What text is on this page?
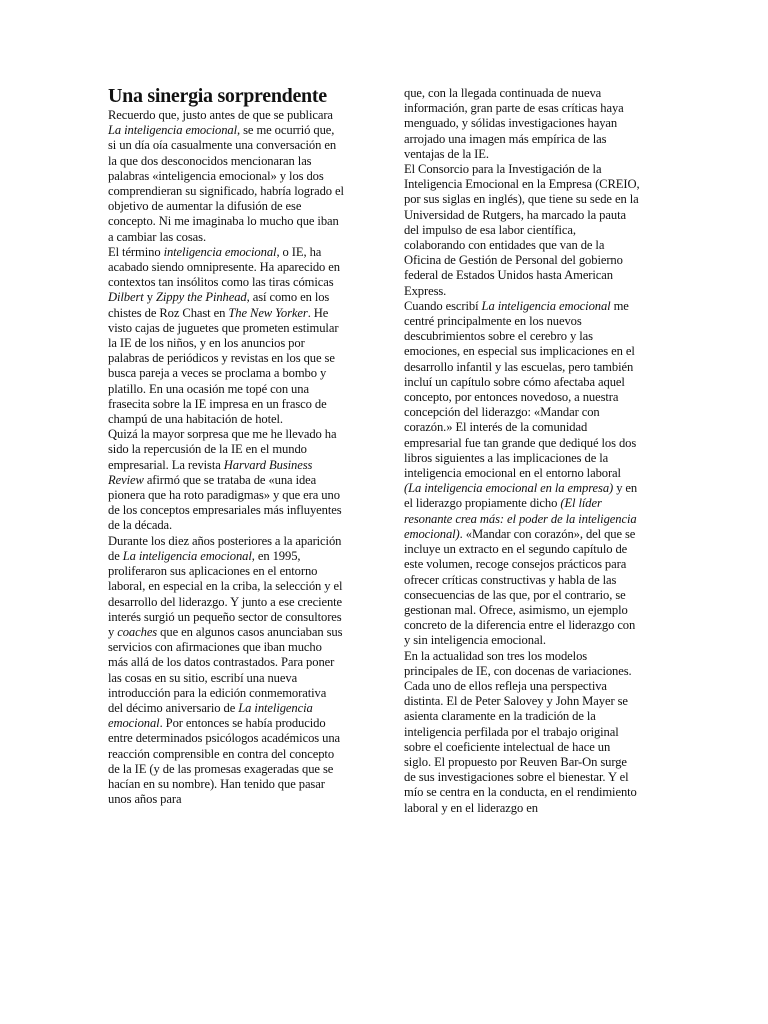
Una sinergia sorprendente

Recuerdo que, justo antes de que se publicara La inteligencia emocional, se me ocurrió que, si un día oía casualmente una conversación en la que dos desconocidos mencionaran las palabras «inteligencia emocional» y los dos comprendieran su significado, habría logrado el objetivo de aumentar la difusión de ese concepto. Ni me imaginaba lo mucho que iban a cambiar las cosas.

El término inteligencia emocional, o IE, ha acabado siendo omnipresente. Ha aparecido en contextos tan insólitos como las tiras cómicas Dilbert y Zippy the Pinhead, así como en los chistes de Roz Chast en The New Yorker. He visto cajas de juguetes que prometen estimular la IE de los niños, y en los anuncios por palabras de periódicos y revistas en los que se busca pareja a veces se proclama a bombo y platillo. En una ocasión me topé con una frasecita sobre la IE impresa en un frasco de champú de una habitación de hotel.

Quizá la mayor sorpresa que me he llevado ha sido la repercusión de la IE en el mundo empresarial. La revista Harvard Business Review afirmó que se trataba de «una idea pionera que ha roto paradigmas» y que era uno de los conceptos empresariales más influyentes de la década.

Durante los diez años posteriores a la aparición de La inteligencia emocional, en 1995, proliferaron sus aplicaciones en el entorno laboral, en especial en la criba, la selección y el desarrollo del liderazgo. Y junto a ese creciente interés surgió un pequeño sector de consultores y coaches que en algunos casos anunciaban sus servicios con afirmaciones que iban mucho más allá de los datos contrastados. Para poner las cosas en su sitio, escribí una nueva introducción para la edición conmemorativa del décimo aniversario de La inteligencia emocional. Por entonces se había producido entre determinados psicólogos académicos una reacción comprensible en contra del concepto de la IE (y de las promesas exageradas que se hacían en su nombre). Han tenido que pasar unos años para

que, con la llegada continuada de nueva información, gran parte de esas críticas haya menguado, y sólidas investigaciones hayan arrojado una imagen más empírica de las ventajas de la IE.

El Consorcio para la Investigación de la Inteligencia Emocional en la Empresa (CREIO, por sus siglas en inglés), que tiene su sede en la Universidad de Rutgers, ha marcado la pauta del impulso de esa labor científica, colaborando con entidades que van de la Oficina de Gestión de Personal del gobierno federal de Estados Unidos hasta American Express.

Cuando escribí La inteligencia emocional me centré principalmente en los nuevos descubrimientos sobre el cerebro y las emociones, en especial sus implicaciones en el desarrollo infantil y las escuelas, pero también incluí un capítulo sobre cómo afectaba aquel concepto, por entonces novedoso, a nuestra concepción del liderazgo: «Mandar con corazón.» El interés de la comunidad empresarial fue tan grande que dediqué los dos libros siguientes a las implicaciones de la inteligencia emocional en el entorno laboral (La inteligencia emocional en la empresa) y en el liderazgo propiamente dicho (El líder resonante crea más: el poder de la inteligencia emocional). «Mandar con corazón», del que se incluye un extracto en el segundo capítulo de este volumen, recoge consejos prácticos para ofrecer críticas constructivas y habla de las consecuencias de las que, por el contrario, se gestionan mal. Ofrece, asimismo, un ejemplo concreto de la diferencia entre el liderazgo con y sin inteligencia emocional.

En la actualidad son tres los modelos principales de IE, con docenas de variaciones. Cada uno de ellos refleja una perspectiva distinta. El de Peter Salovey y John Mayer se asienta claramente en la tradición de la inteligencia perfilada por el trabajo original sobre el coeficiente intelectual de hace un siglo. El propuesto por Reuven Bar-On surge de sus investigaciones sobre el bienestar. Y el mío se centra en la conducta, en el rendimiento laboral y en el liderazgo en
